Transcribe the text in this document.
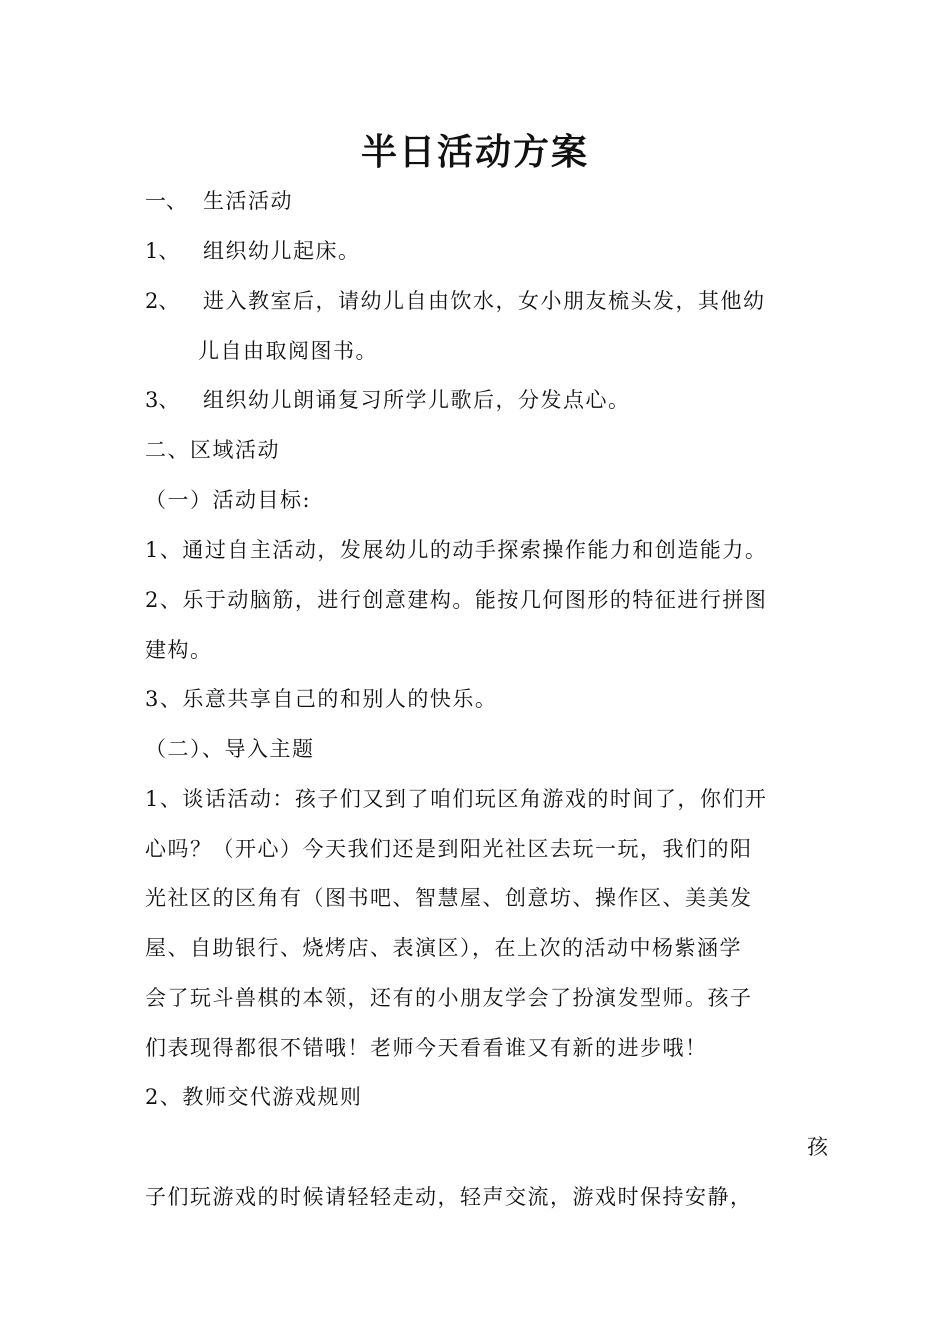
半日活动方案
一、 生活活动
1、 组织幼儿起床。
2、 进入教室后，请幼儿自由饮水，女小朋友梳头发，其他幼
儿自由取阅图书。
3、 组织幼儿朗诵复习所学儿歌后，分发点心。
二、区域活动
（一）活动目标:
1、通过自主活动，发展幼儿的动手探索操作能力和创造能力。
2、乐于动脑筋，进行创意建构。能按几何图形的特征进行拼图
建构。
3、乐意共享自己的和别人的快乐。
（二）、导入主题
1、谈话活动：孩子们又到了咱们玩区角游戏的时间了，你们开
心吗？（开心）今天我们还是到阳光社区去玩一玩，我们的阳
光社区的区角有（图书吧、智慧屋、创意坊、操作区、美美发
屋、自助银行、烧烤店、表演区），在上次的活动中杨紫涵学
会了玩斗兽棋的本领，还有的小朋友学会了扮演发型师。孩子
们表现得都很不错哦！老师今天看看谁又有新的进步哦！
2、教师交代游戏规则
孩
子们玩游戏的时候请轻轻走动，轻声交流，游戏时保持安静，
